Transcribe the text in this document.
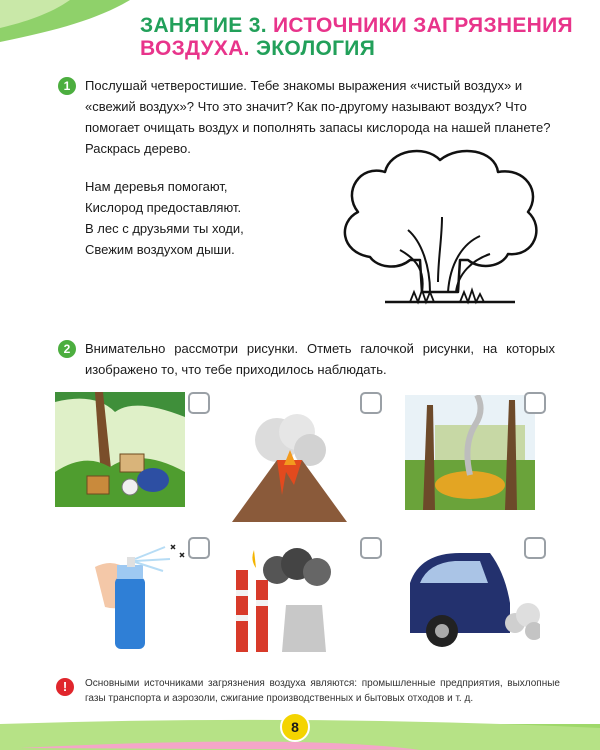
ЗАНЯТИЕ 3. ИСТОЧНИКИ ЗАГРЯЗНЕНИЯ
ВОЗДУХА. ЭКОЛОГИЯ
1	Послушай четверостишие. Тебе знакомы выражения «чистый воздух» и «свежий воздух»? Что это значит? Как по-другому называют воздух? Что помогает очищать воздух и пополнять запасы кислорода на нашей планете? Раскрась дерево.
Нам деревья помогают,
Кислород предоставляют.
В лес с друзьями ты ходи,
Свежим воздухом дыши.
2	Внимательно рассмотри рисунки. Отметь галочкой рисунки, на которых изображено то, что тебе приходилось наблюдать.
!	Основными источниками загрязнения воздуха являются: промышленные предприятия, выхлопные газы транспорта и аэрозоли, сжигание производственных и бытовых отходов и т. д.
8
